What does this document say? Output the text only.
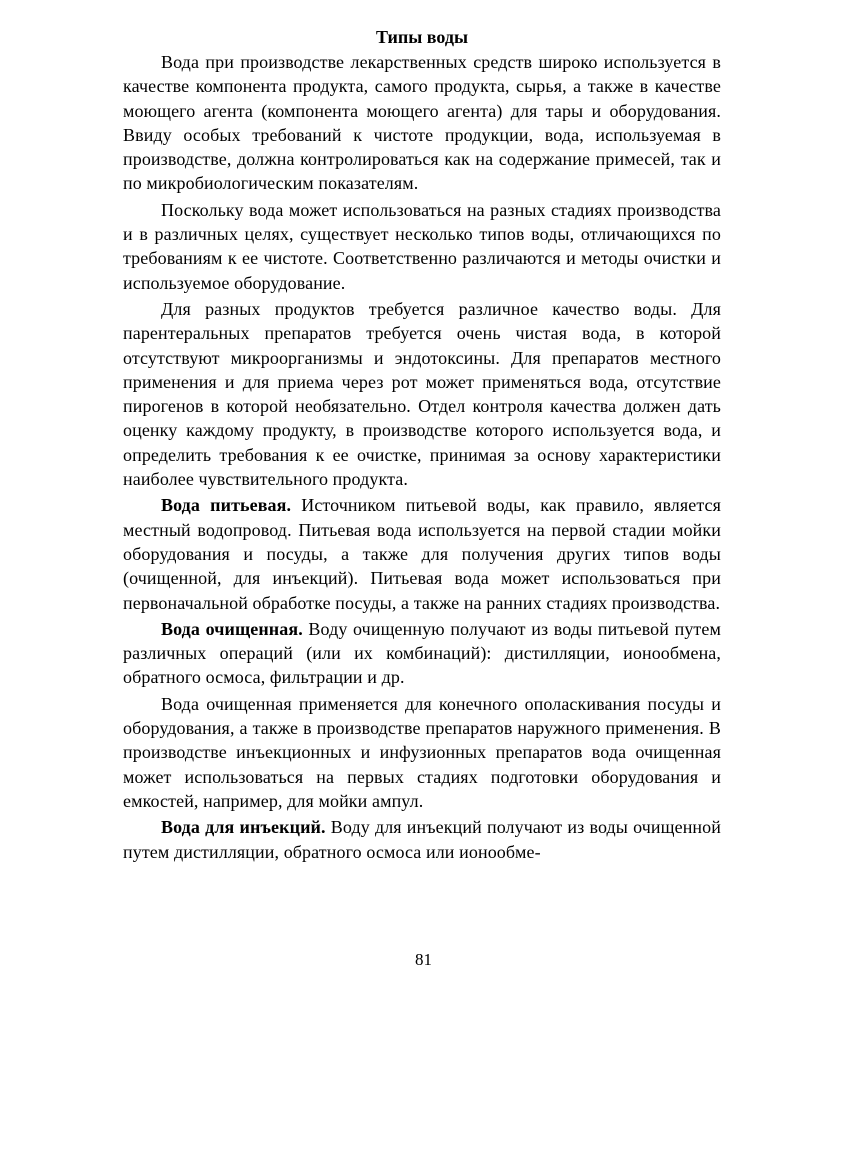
Типы воды

Вода при производстве лекарственных средств широко используется в качестве компонента продукта, самого продукта, сырья, а также в качестве моющего агента (компонента моющего агента) для тары и оборудования. Ввиду особых требований к чистоте продукции, вода, используемая в производстве, должна контролироваться как на содержание примесей, так и по микробиологическим показателям.

Поскольку вода может использоваться на разных стадиях производства и в различных целях, существует несколько типов воды, отличающихся по требованиям к ее чистоте. Соответственно различаются и методы очистки и используемое оборудование.

Для разных продуктов требуется различное качество воды. Для парентеральных препаратов требуется очень чистая вода, в которой отсутствуют микроорганизмы и эндотоксины. Для препаратов местного применения и для приема через рот может применяться вода, отсутствие пирогенов в которой необязательно. Отдел контроля качества должен дать оценку каждому продукту, в производстве которого используется вода, и определить требования к ее очистке, принимая за основу характеристики наиболее чувствительного продукта.

Вода питьевая. Источником питьевой воды, как правило, является местный водопровод. Питьевая вода используется на первой стадии мойки оборудования и посуды, а также для получения других типов воды (очищенной, для инъекций). Питьевая вода может использоваться при первоначальной обработке посуды, а также на ранних стадиях производства.

Вода очищенная. Воду очищенную получают из воды питьевой путем различных операций (или их комбинаций): дистилляции, ионообмена, обратного осмоса, фильтрации и др.

Вода очищенная применяется для конечного ополаскивания посуды и оборудования, а также в производстве препаратов наружного применения. В производстве инъекционных и инфузионных препаратов вода очищенная может использоваться на первых стадиях подготовки оборудования и емкостей, например, для мойки ампул.

Вода для инъекций. Воду для инъекций получают из воды очищенной путем дистилляции, обратного осмоса или ионообме-

81
